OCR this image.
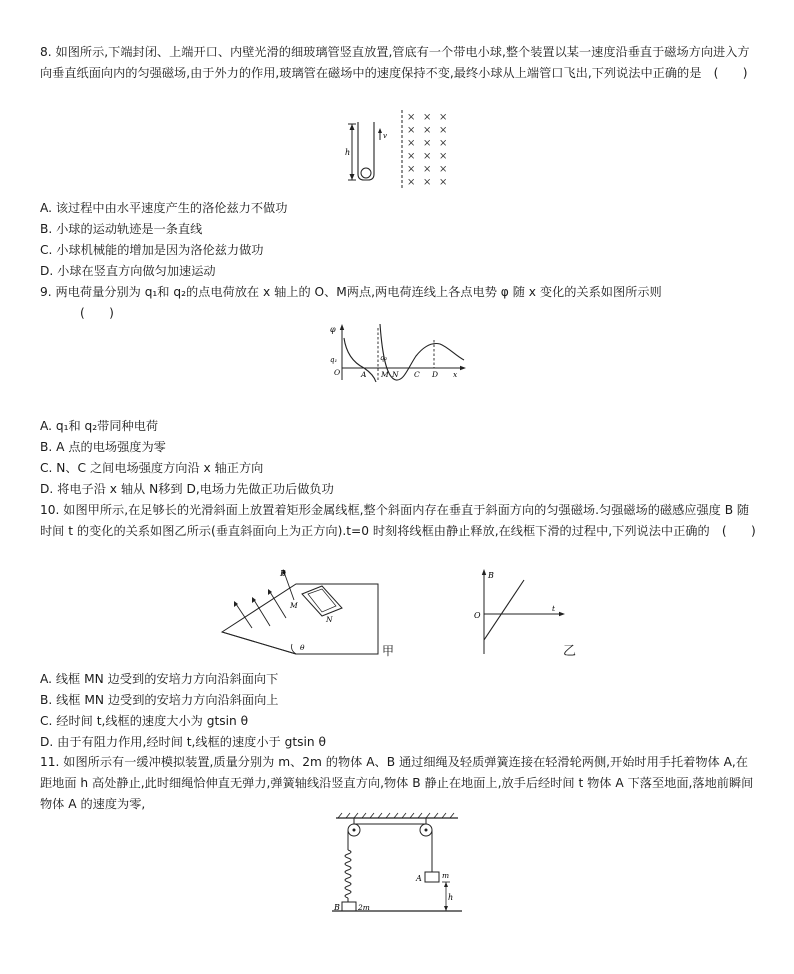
8. 如图所示,下端封闭、上端开口、内壁光滑的细玻璃管竖直放置,管底有一个带电小球,整个装置以某一速度沿垂直于磁场方向进入方向垂直纸面向内的匀强磁场,由于外力的作用,玻璃管在磁场中的速度保持不变,最终小球从上端管口飞出,下列说法中正确的是　(　　)
h
v
× × ×
× × ×
× × ×
× × ×
× × ×
× × ×
A. 该过程中由水平速度产生的洛伦兹力不做功
B. 小球的运动轨迹是一条直线
C. 小球机械能的增加是因为洛伦兹力做功
D. 小球在竖直方向做匀加速运动
9. 两电荷量分别为 q₁和 q₂的点电荷放在 x 轴上的 O、M两点,两电荷连线上各点电势 φ 随 x 变化的关系如图所示则
(　　)
φ
q₁
O
q₂
A M N C D x
A. q₁和 q₂带同种电荷
B. A 点的电场强度为零
C. N、C 之间电场强度方向沿 x 轴正方向
D. 将电子沿 x 轴从 N移到 D,电场力先做正功后做负功
10. 如图甲所示,在足够长的光滑斜面上放置着矩形金属线框,整个斜面内存在垂直于斜面方向的匀强磁场.匀强磁场的磁感应强度 B 随时间 t 的变化的关系如图乙所示(垂直斜面向上为正方向).t=0 时刻将线框由静止释放,在线框下滑的过程中,下列说法中正确的　(　　)
θ
M
N
B
甲
B
O
t
乙
A. 线框 MN 边受到的安培力方向沿斜面向下
B. 线框 MN 边受到的安培力方向沿斜面向上
C. 经时间 t,线框的速度大小为 gtsin θ
D. 由于有阻力作用,经时间 t,线框的速度小于 gtsin θ
11. 如图所示有一缓冲模拟装置,质量分别为 m、2m 的物体 A、B 通过细绳及轻质弹簧连接在轻滑轮两侧,开始时用手托着物体 A,在距地面 h 高处静止,此时细绳恰伸直无弹力,弹簧轴线沿竖直方向,物体 B 静止在地面上,放手后经时间 t 物体 A 下落至地面,落地前瞬间物体 A 的速度为零,
B 2m
A	m
h
